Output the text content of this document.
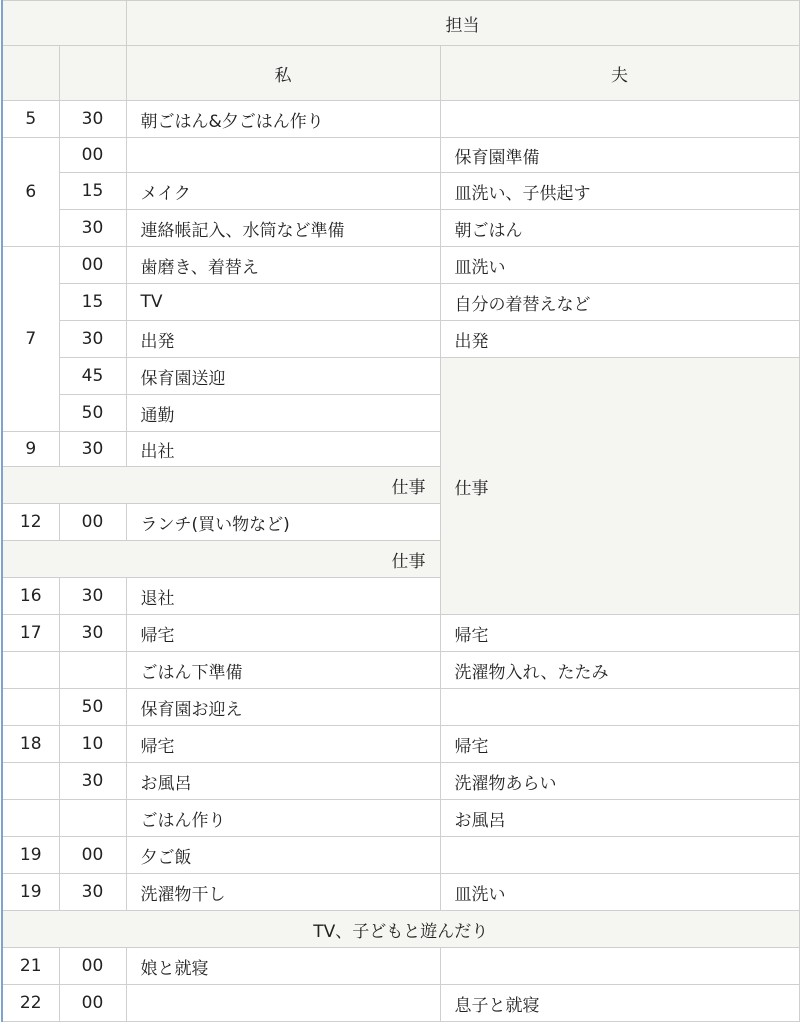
		担当	
		私	夫
5	30	朝ごはん&夕ごはん作り	
6	00		保育園準備
	15	メイク	皿洗い、子供起す
	30	連絡帳記入、水筒など準備	朝ごはん
7	00	歯磨き、着替え	皿洗い
	15	TV	自分の着替えなど
	30	出発	出発
	45	保育園送迎	仕事
	50	通勤	
9	30	出社	
仕事			
12	00	ランチ(買い物など)	
仕事			
16	30	退社	
17	30	帰宅	帰宅
		ごはん下準備	洗濯物入れ、たたみ
	50	保育園お迎え	
18	10	帰宅	帰宅
	30	お風呂	洗濯物あらい
		ごはん作り	お風呂
19	00	夕ご飯	
19	30	洗濯物干し	皿洗い
TV、子どもと遊んだり			
21	00	娘と就寝	
22	00		息子と就寝
